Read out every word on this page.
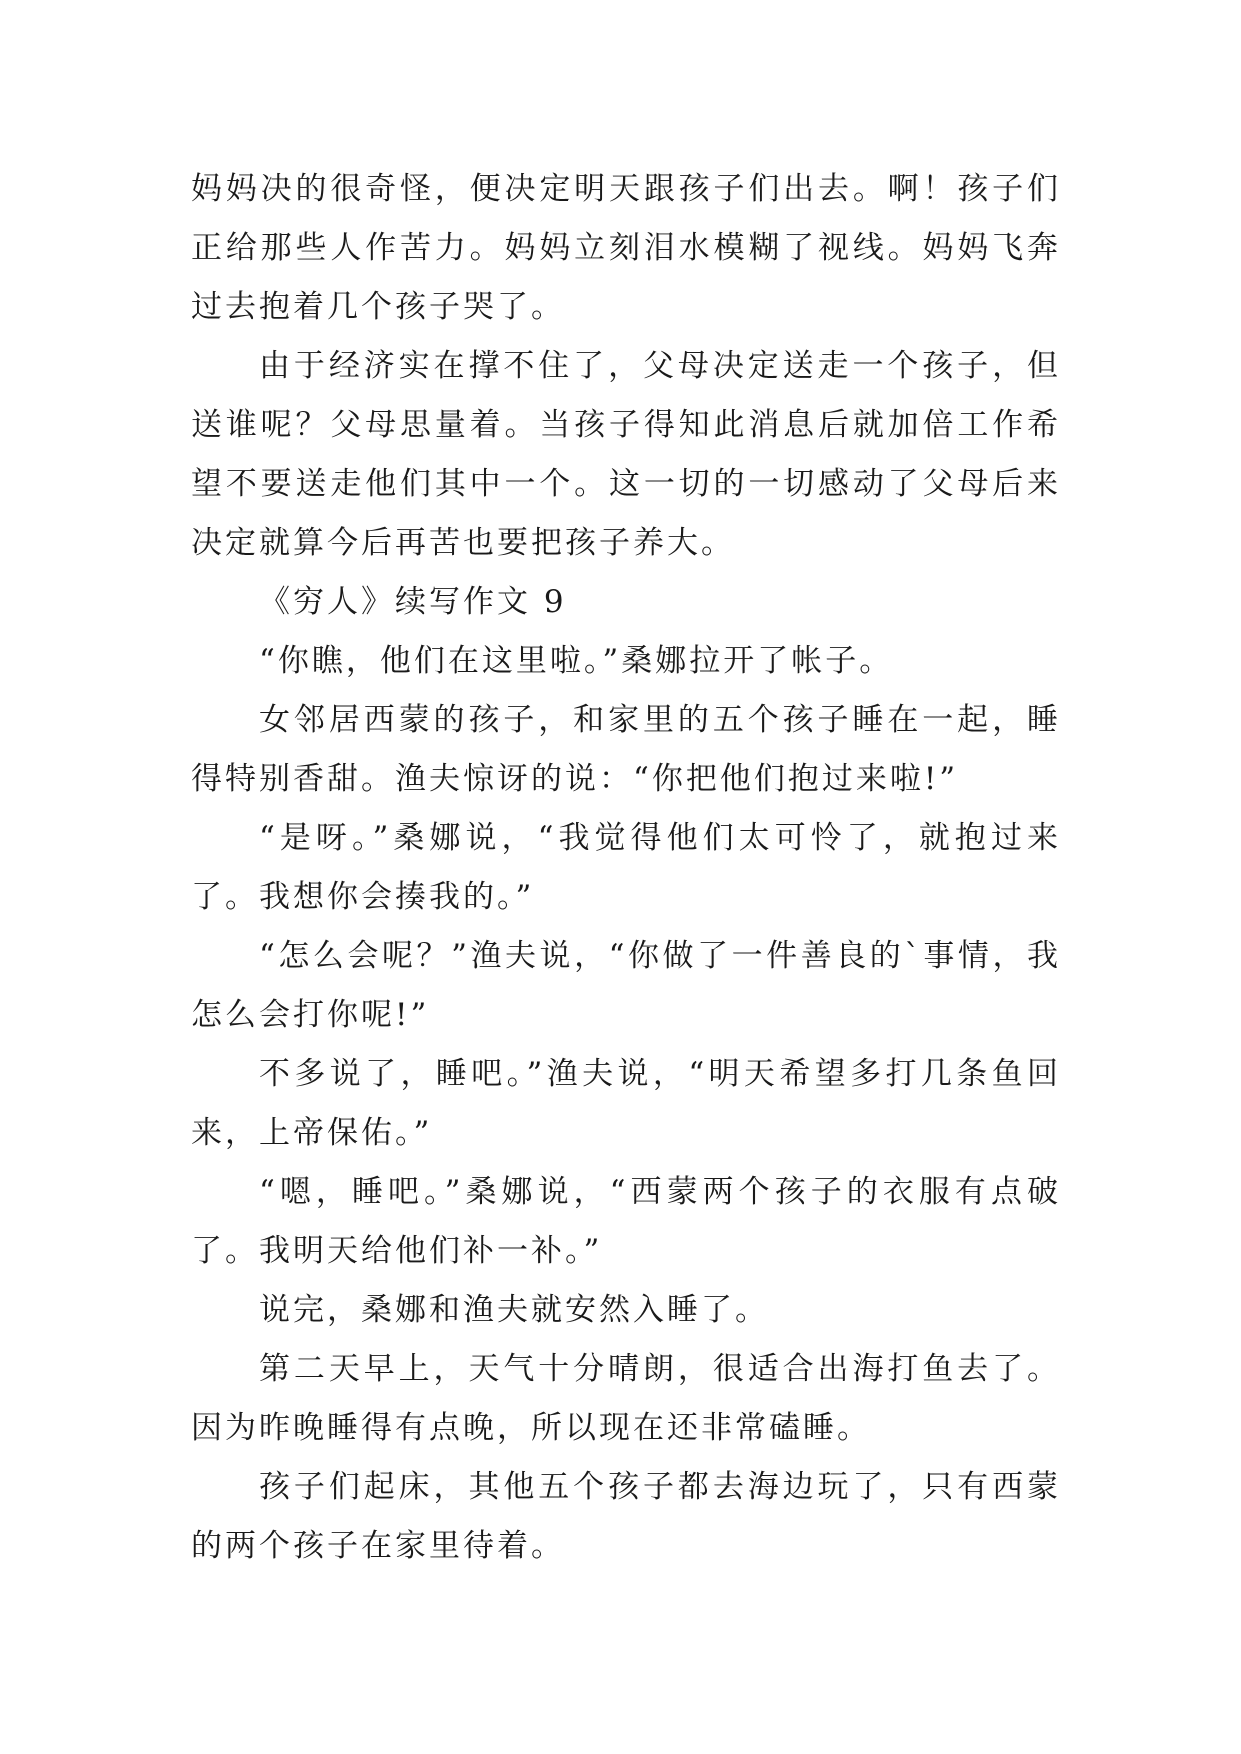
妈妈决的很奇怪，便决定明天跟孩子们出去。啊！孩子们正给那些人作苦力。妈妈立刻泪水模糊了视线。妈妈飞奔过去抱着几个孩子哭了。

由于经济实在撑不住了，父母决定送走一个孩子，但送谁呢？父母思量着。当孩子得知此消息后就加倍工作希望不要送走他们其中一个。这一切的一切感动了父母后来决定就算今后再苦也要把孩子养大。

《穷人》续写作文 9

“你瞧，他们在这里啦。”桑娜拉开了帐子。

女邻居西蒙的孩子，和家里的五个孩子睡在一起，睡得特别香甜。渔夫惊讶的说：“你把他们抱过来啦!”

“是呀。”桑娜说，“我觉得他们太可怜了，就抱过来了。我想你会揍我的。”

“怎么会呢？”渔夫说，“你做了一件善良的`事情，我怎么会打你呢!”

不多说了，睡吧。”渔夫说，“明天希望多打几条鱼回来，上帝保佑。”

“嗯，睡吧。”桑娜说，“西蒙两个孩子的衣服有点破了。我明天给他们补一补。”

说完，桑娜和渔夫就安然入睡了。

第二天早上，天气十分晴朗，很适合出海打鱼去了。因为昨晚睡得有点晚，所以现在还非常磕睡。

孩子们起床，其他五个孩子都去海边玩了，只有西蒙的两个孩子在家里待着。
